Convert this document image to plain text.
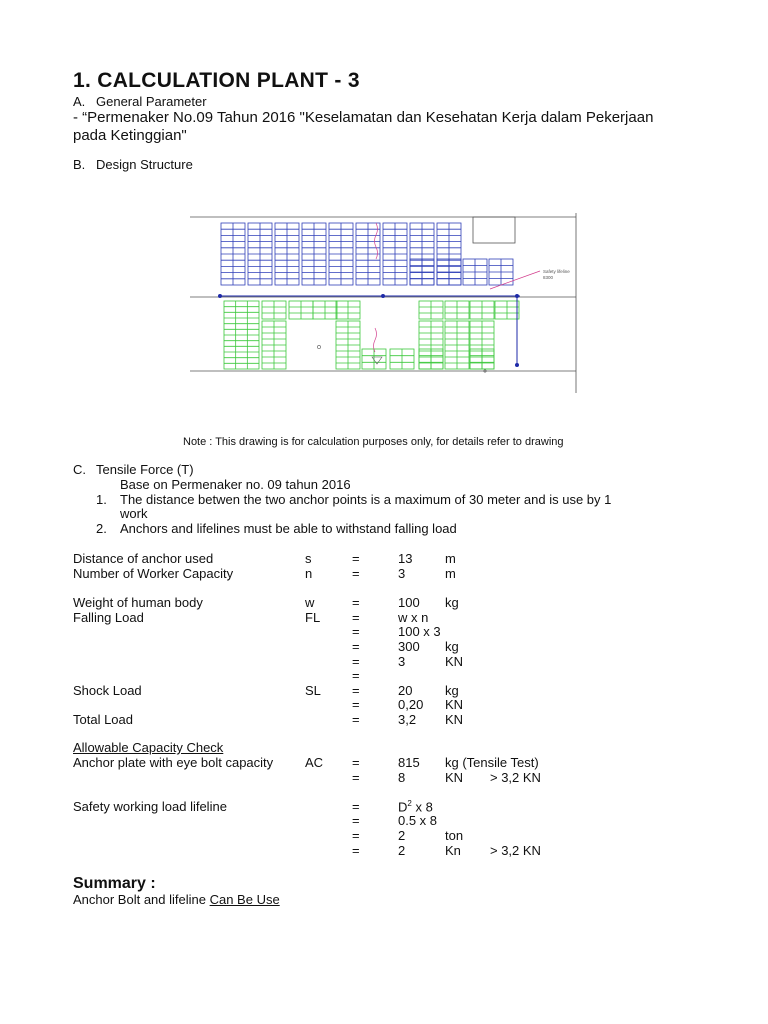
1. CALCULATION PLANT - 3
A. General Parameter
- “Permenaker No.09 Tahun 2016 "Keselamatan dan Kesehatan Kerja dalam Pekerjaan
pada Ketinggian"
B. Design Structure
Safety lifeline
8300
Note : This drawing is for calculation purposes only, for details refer to drawing
C. Tensile Force (T)
Base on Permenaker no. 09 tahun 2016
1. The distance betwen the two anchor points is a maximum of 30 meter and is use by 1
work
2. Anchors and lifelines must be able to withstand falling load
Distance of anchor used	s	=	13	m
Number of Worker Capacity	n	=	3	m
Weight of human body	w	=	100 kg
Falling Load	FL =	w x n
=	100 x 3
=	300 kg
=	3	KN
=
Shock Load	SL =	20	kg
=	0,20 KN
Total Load	=	3,2 KN
Anchor plate with eye bolt capacity AC =	815 kg (Tensile Test)
=	8	KN > 3,2 KN
Safety working load lifeline	=	$D^2$ x 8
=	0.5 x 8
=	2	ton
=	2	Kn > 3,2 KN
Allowable Capacity Check
Summary :
Anchor Bolt and lifeline Can Be Use
